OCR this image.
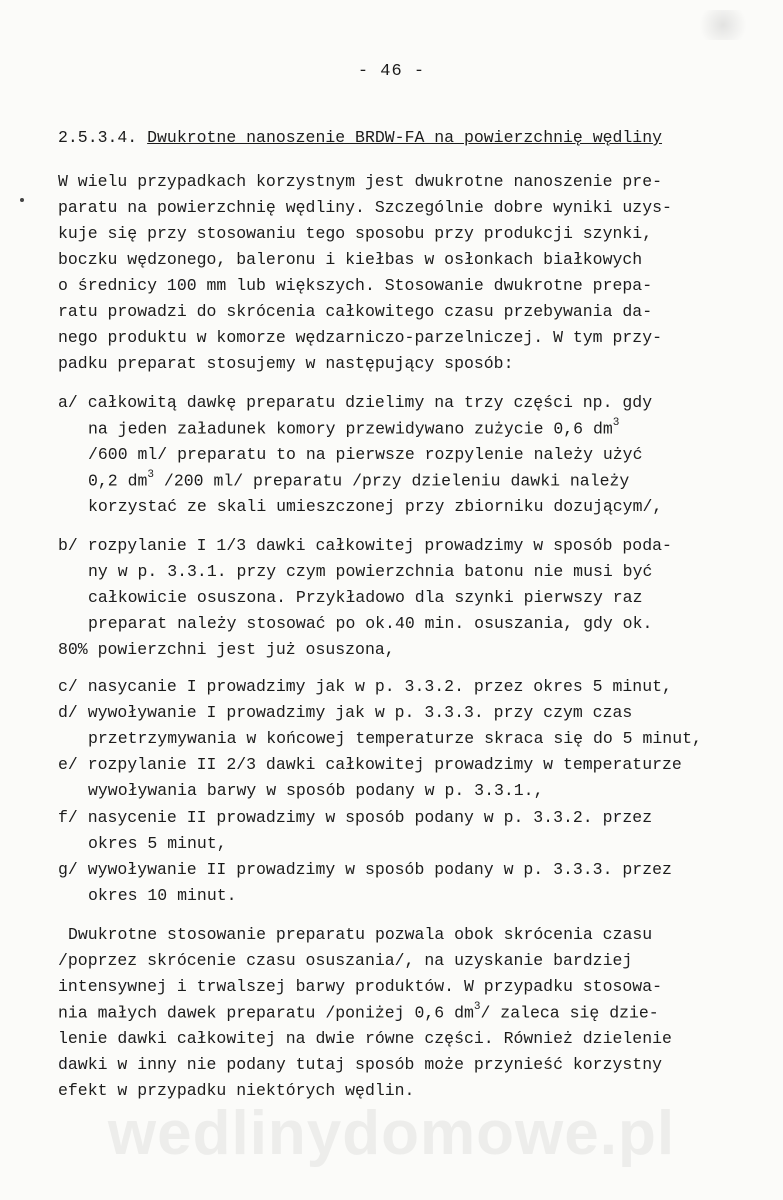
- 46 -
2.5.3.4. Dwukrotne nanoszenie BRDW-FA na powierzchnię wędliny
W wielu przypadkach korzystnym jest dwukrotne nanoszenie pre-
paratu na powierzchnię wędliny. Szczególnie dobre wyniki uzys-
kuje się przy stosowaniu tego sposobu przy produkcji szynki,
boczku wędzonego, baleronu i kiełbas w osłonkach białkowych
o średnicy 100 mm lub większych. Stosowanie dwukrotne prepa-
ratu prowadzi do skrócenia całkowitego czasu przebywania da-
nego produktu w komorze wędzarniczo-parzelniczej. W tym przy-
padku preparat stosujemy w następujący sposób:
a/ całkowitą dawkę preparatu dzielimy na trzy części np. gdy
na jeden załadunek komory przewidywano zużycie 0,6 $dm^3$
/600 ml/ preparatu to na pierwsze rozpylenie należy użyć
0,2 $dm^3$ /200 ml/ preparatu /przy dzieleniu dawki należy
korzystać ze skali umieszczonej przy zbiorniku dozującym/,
b/ rozpylanie I 1/3 dawki całkowitej prowadzimy w sposób poda-
ny w p. 3.3.1. przy czym powierzchnia batonu nie musi być
całkowicie osuszona. Przykładowo dla szynki pierwszy raz
preparat należy stosować po ok.40 min. osuszania, gdy ok.
80% powierzchni jest już osuszona,
c/ nasycanie I prowadzimy jak w p. 3.3.2. przez okres 5 minut,
d/ wywoływanie I prowadzimy jak w p. 3.3.3. przy czym czas
przetrzymywania w końcowej temperaturze skraca się do 5 minut,
e/ rozpylanie II 2/3 dawki całkowitej prowadzimy w temperaturze
wywoływania barwy w sposób podany w p. 3.3.1.,
f/ nasycenie II prowadzimy w sposób podany w p. 3.3.2. przez
okres 5 minut,
g/ wywoływanie II prowadzimy w sposób podany w p. 3.3.3. przez
okres 10 minut.
Dwukrotne stosowanie preparatu pozwala obok skrócenia czasu
/poprzez skrócenie czasu osuszania/, na uzyskanie bardziej
intensywnej i trwalszej barwy produktów. W przypadku stosowa-
nia małych dawek preparatu /poniżej 0,6 $dm^3/$ zaleca się dzie-
lenie dawki całkowitej na dwie równe części. Również dzielenie
dawki w inny nie podany tutaj sposób może przynieść korzystny
efekt w przypadku niektórych wędlin.
wedlinydomowe.pl
